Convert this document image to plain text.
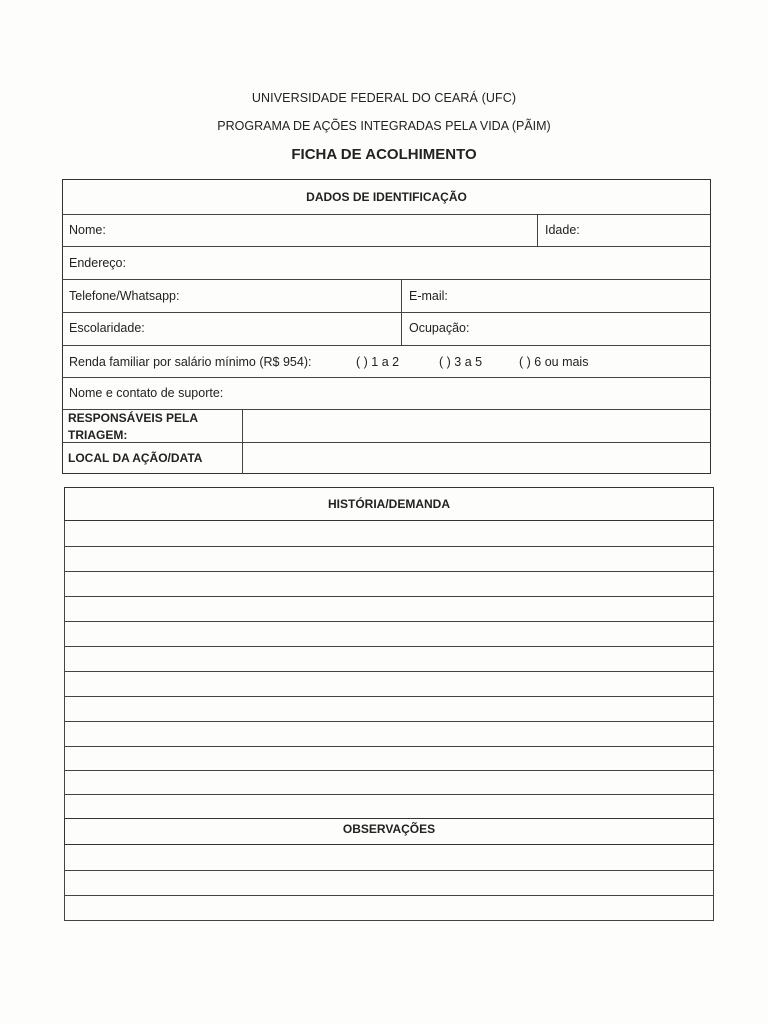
UNIVERSIDADE FEDERAL DO CEARÁ (UFC)
PROGRAMA DE AÇÕES INTEGRADAS PELA VIDA (PÃIM)
FICHA DE ACOLHIMENTO
DADOS DE IDENTIFICAÇÃO
Nome:	Idade:
Endereço:
Telefone/Whatsapp:	E-mail:
Escolaridade:	Ocupação:
Renda familiar por salário mínimo (R$ 954):	( ) 1 a 2	( ) 3 a 5	( ) 6 ou mais
Nome e contato de suporte:
RESPONSÁVEIS PELA
TRIAGEM:
LOCAL DA AÇÃO/DATA
HISTÓRIA/DEMANDA
OBSERVAÇÕES
